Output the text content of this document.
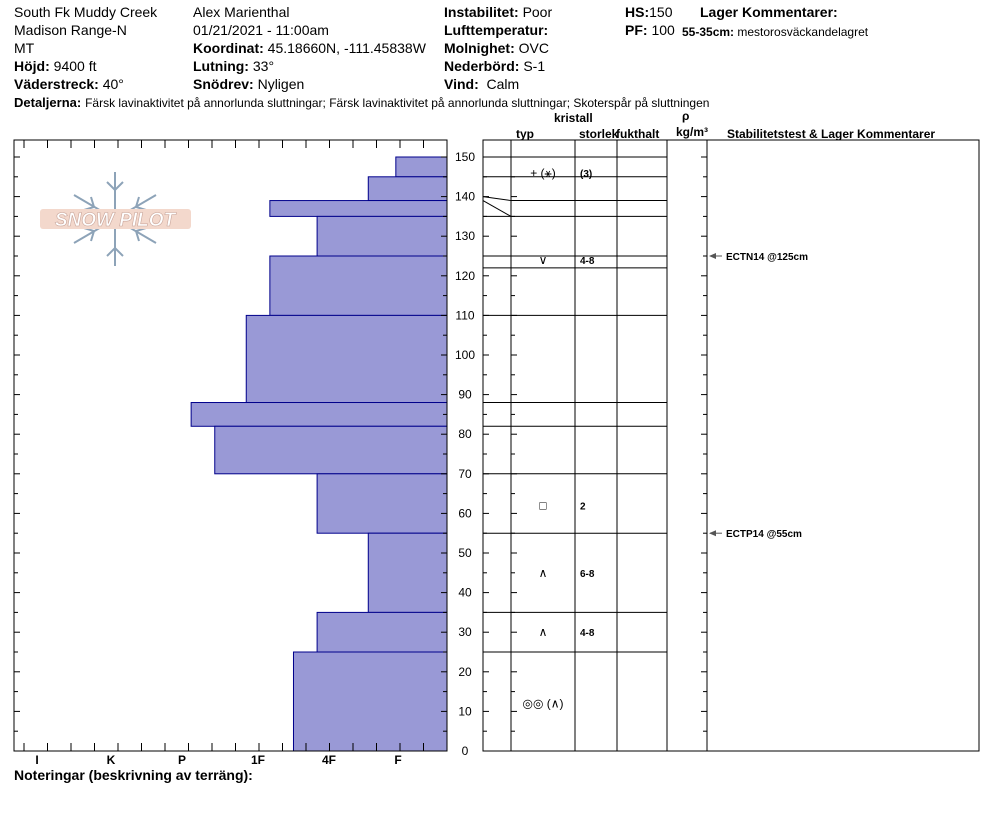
South Fk Muddy Creek
Madison Range-N
MT
Höjd: 9400 ft
Väderstreck: 40°
Alex Marienthal
01/21/2021 - 11:00am
Koordinat: 45.18660N, -111.45838W
Lutning: 33°
Snödrev: Nyligen
Instabilitet: Poor
Lufttemperatur:
Molnighet: OVC
Nederbörd: S-1
Vind: Calm
HS:150
PF: 100
Lager Kommentarer:
55-35cm: mestorosväckandelagret
Detaljerna: Färsk lavinaktivitet på annorlunda sluttningar; Färsk lavinaktivitet på annorlunda sluttningar; Skoterspår på sluttningen
kristall
typ	storlek
fukthalt
ρ
kg/m³ Stabilitetstest & Lager Kommentarer
SNOW PILOT
0
10
20
30
40
50
60
70
80
90
100
110
120
130
140
150
I	K	P	1F	4F	F
+ (⚹) (3)
∨	4-8
□	2
∧	6-8
∧	4-8
◎◎ (∧)
ECTN14 @125cm
ECTP14 @55cm
Noteringar (beskrivning av terräng):
